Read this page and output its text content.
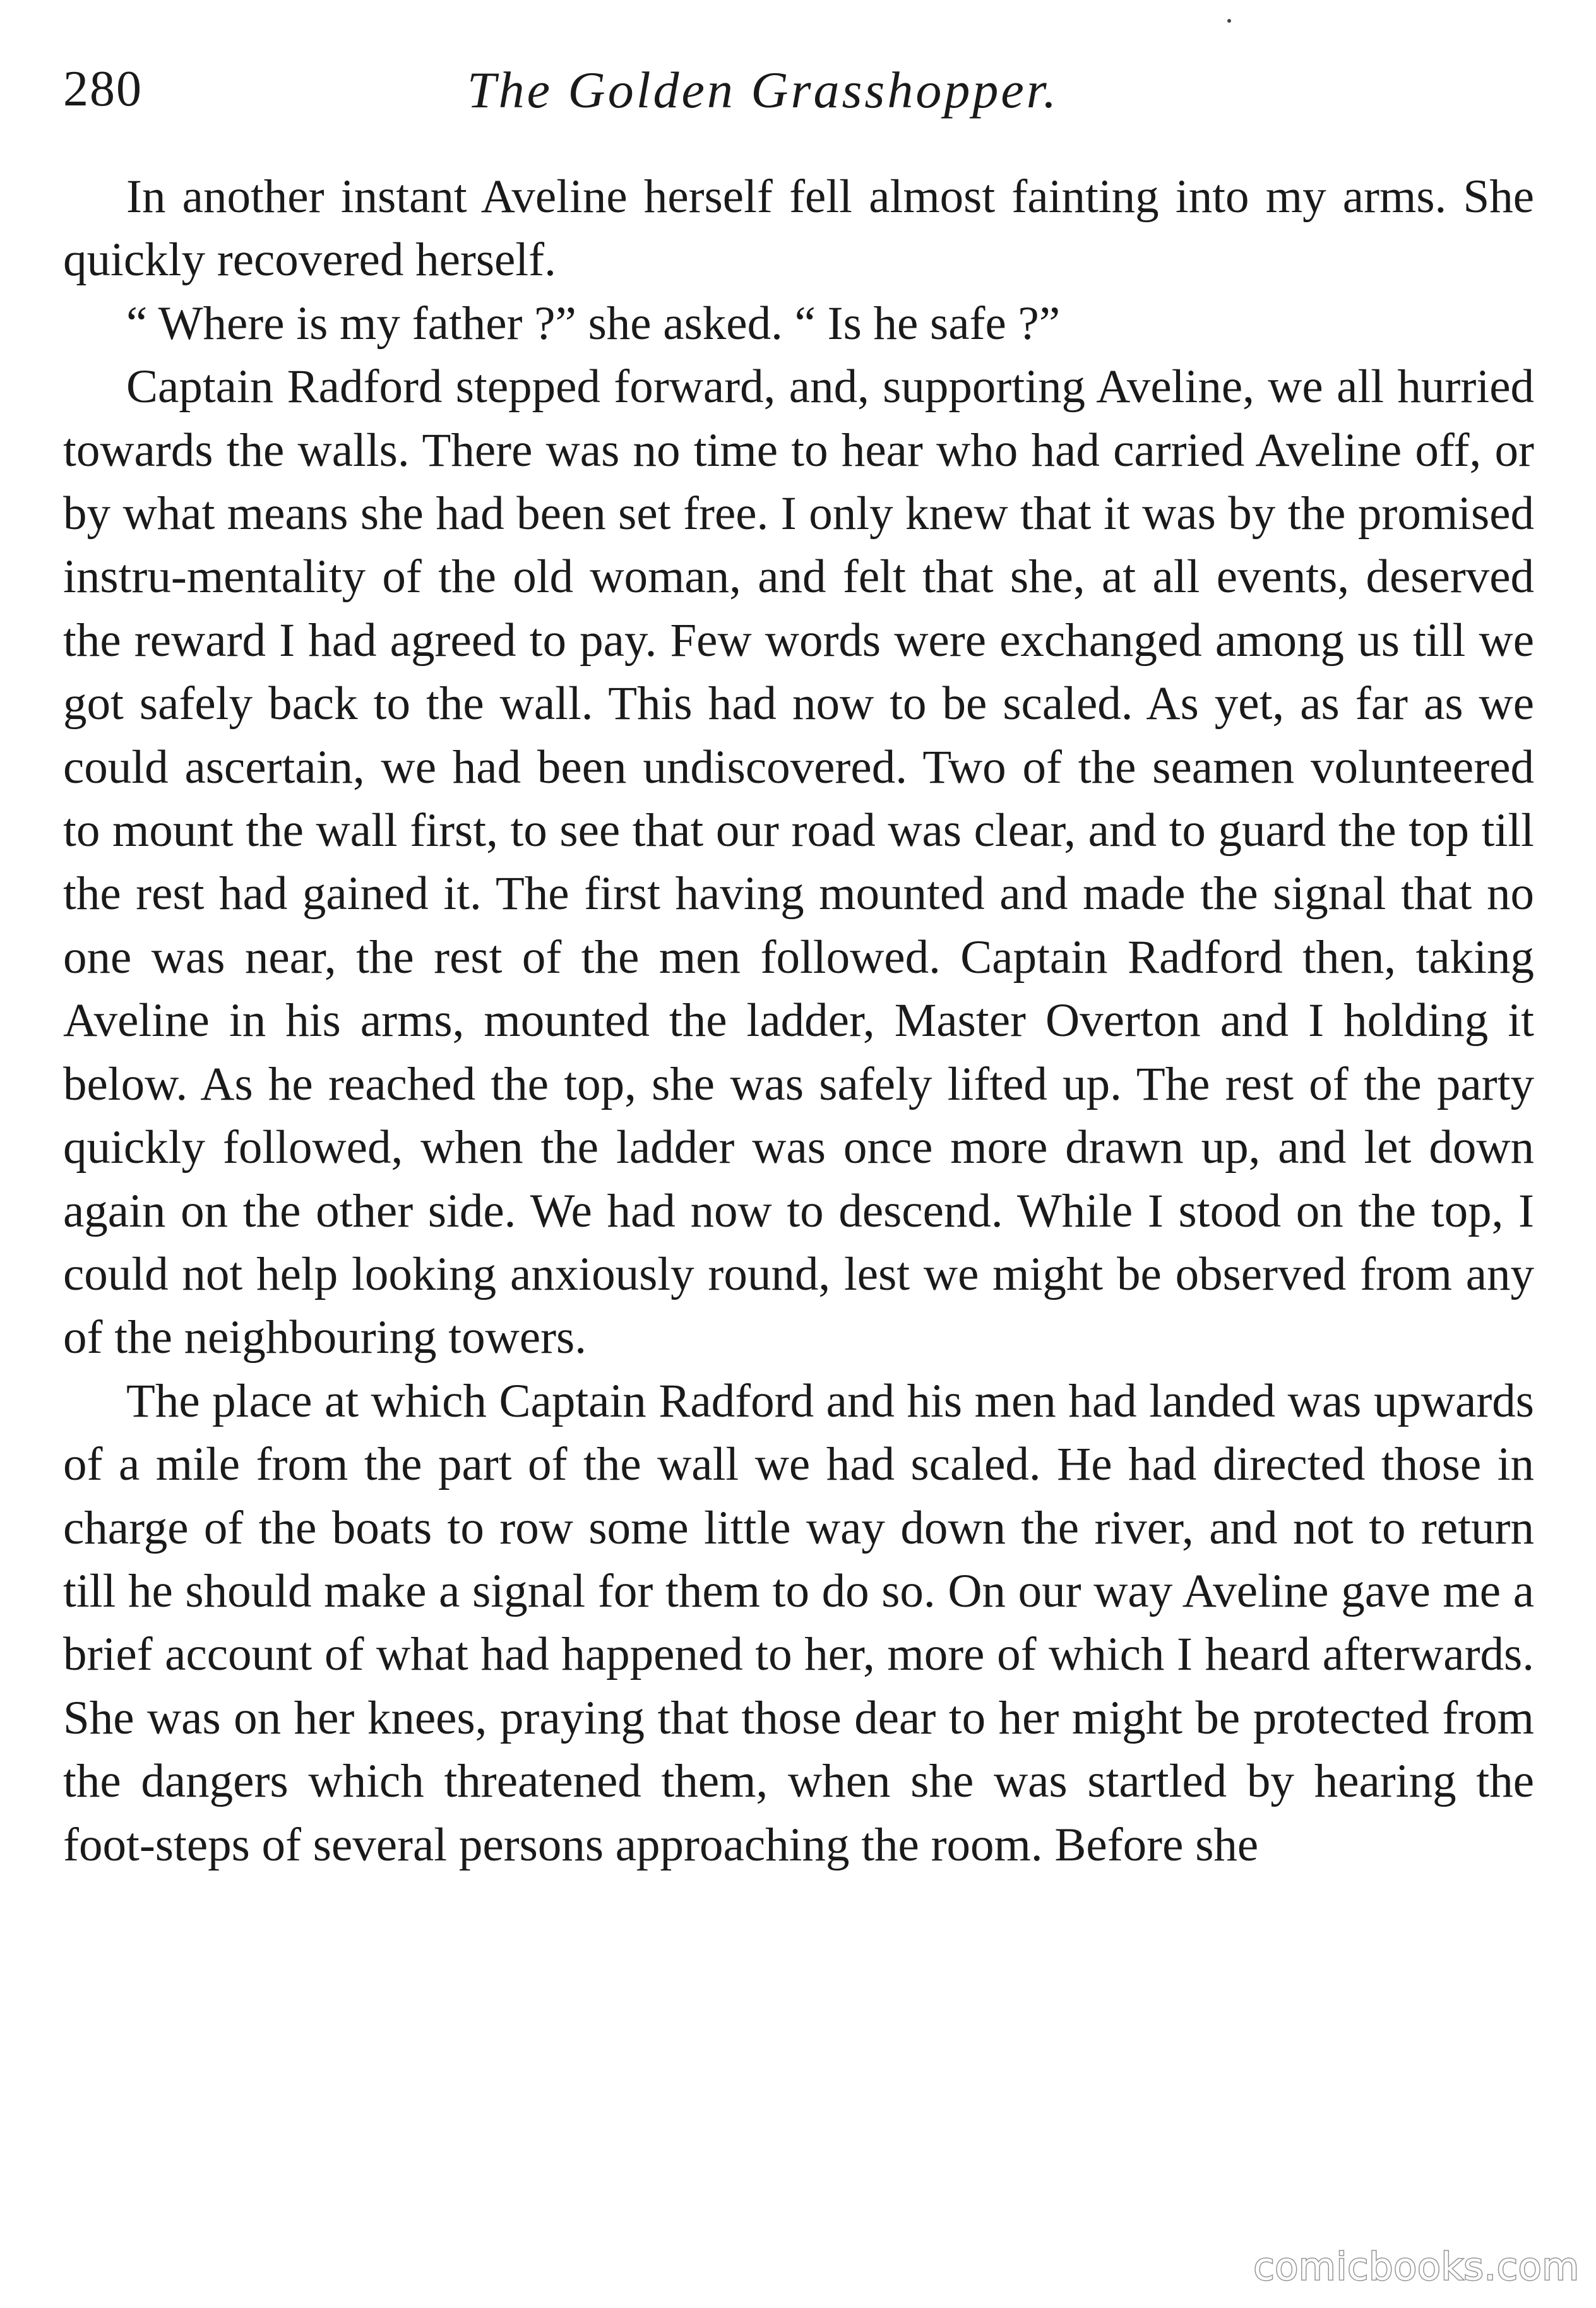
280	The Golden Grasshopper.

In another instant Aveline herself fell almost fainting into my arms. She quickly recovered herself.

“ Where is my father ?” she asked. “ Is he safe ?”

Captain Radford stepped forward, and, supporting Aveline, we all hurried towards the walls. There was no time to hear who had carried Aveline off, or by what means she had been set free. I only knew that it was by the promised instru-mentality of the old woman, and felt that she, at all events, deserved the reward I had agreed to pay. Few words were exchanged among us till we got safely back to the wall. This had now to be scaled. As yet, as far as we could ascertain, we had been undiscovered. Two of the seamen volunteered to mount the wall first, to see that our road was clear, and to guard the top till the rest had gained it. The first having mounted and made the signal that no one was near, the rest of the men followed. Captain Radford then, taking Aveline in his arms, mounted the ladder, Master Overton and I holding it below. As he reached the top, she was safely lifted up. The rest of the party quickly followed, when the ladder was once more drawn up, and let down again on the other side. We had now to descend. While I stood on the top, I could not help looking anxiously round, lest we might be observed from any of the neighbouring towers.

The place at which Captain Radford and his men had landed was upwards of a mile from the part of the wall we had scaled. He had directed those in charge of the boats to row some little way down the river, and not to return till he should make a signal for them to do so. On our way Aveline gave me a brief account of what had happened to her, more of which I heard afterwards. She was on her knees, praying that those dear to her might be protected from the dangers which threatened them, when she was startled by hearing the foot-steps of several persons approaching the room. Before she

comicbooks.com
